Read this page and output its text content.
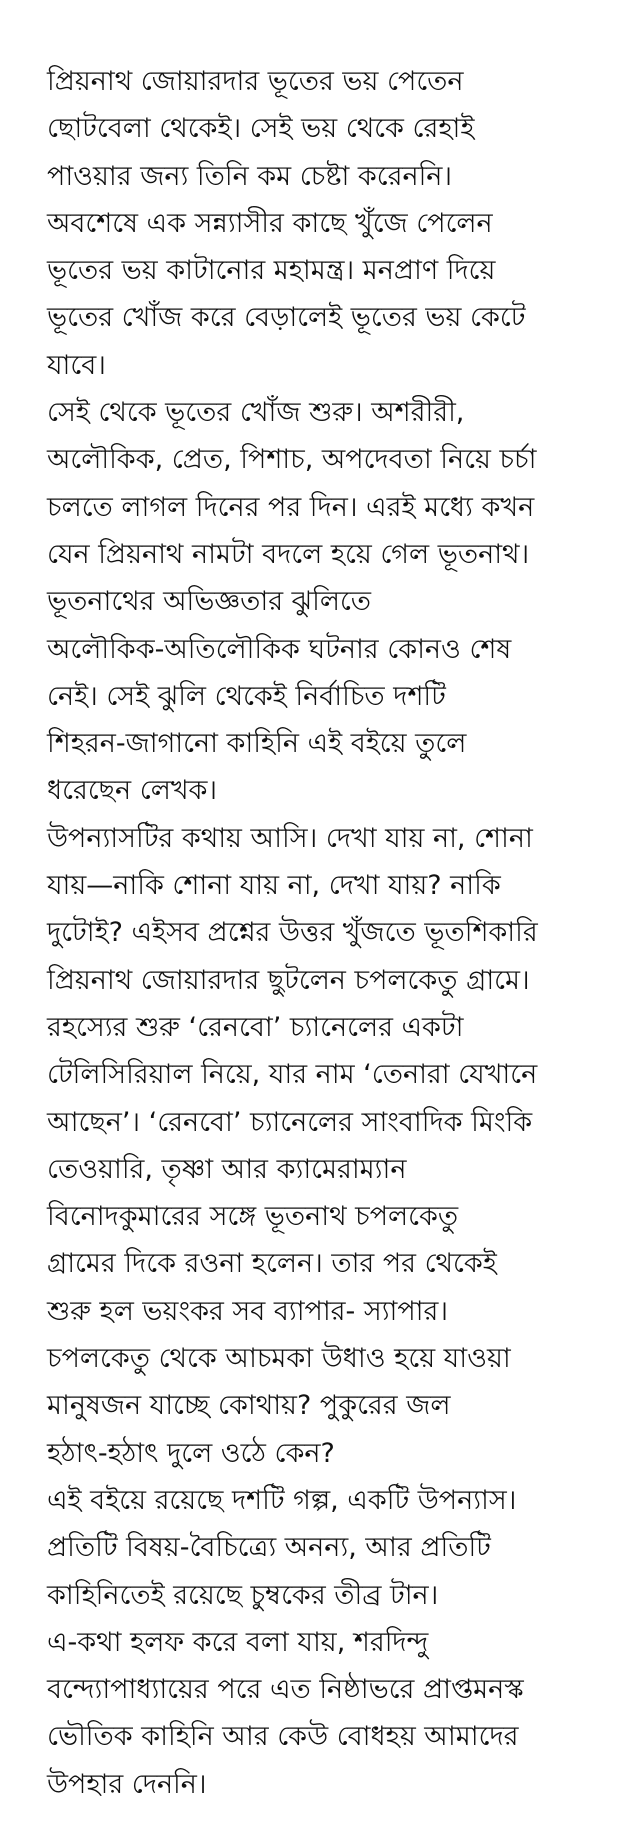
প্রিয়নাথ জোয়ারদার ভূতের ভয় পেতেন
ছোটবেলা থেকেই। সেই ভয় থেকে রেহাই
পাওয়ার জন্য তিনি কম চেষ্টা করেননি।
অবশেষে এক সন্ন্যাসীর কাছে খুঁজে পেলেন
ভূতের ভয় কাটানোর মহামন্ত্র। মনপ্রাণ দিয়ে
ভূতের খোঁজ করে বেড়ালেই ভূতের ভয় কেটে
যাবে।
সেই থেকে ভূতের খোঁজ শুরু। অশরীরী,
অলৌকিক, প্রেত, পিশাচ, অপদেবতা নিয়ে চর্চা
চলতে লাগল দিনের পর দিন। এরই মধ্যে কখন
যেন প্রিয়নাথ নামটা বদলে হয়ে গেল ভূতনাথ।
ভূতনাথের অভিজ্ঞতার ঝুলিতে
অলৌকিক-অতিলৌকিক ঘটনার কোনও শেষ
নেই। সেই ঝুলি থেকেই নির্বাচিত দশটি
শিহরন-জাগানো কাহিনি এই বইয়ে তুলে
ধরেছেন লেখক।
উপন্যাসটির কথায় আসি। দেখা যায় না, শোনা
যায়—নাকি শোনা যায় না, দেখা যায়? নাকি
দুটোই? এইসব প্রশ্নের উত্তর খুঁজতে ভূতশিকারি
প্রিয়নাথ জোয়ারদার ছুটলেন চপলকেতু গ্রামে।
রহস্যের শুরু ‘রেনবো’ চ্যানেলের একটা
টেলিসিরিয়াল নিয়ে, যার নাম ‘তেনারা যেখানে
আছেন’। ‘রেনবো’ চ্যানেলের সাংবাদিক মিংকি
তেওয়ারি, তৃষ্ণা আর ক্যামেরাম্যান
বিনোদকুমারের সঙ্গে ভূতনাথ চপলকেতু
গ্রামের দিকে রওনা হলেন। তার পর থেকেই
শুরু হল ভয়ংকর সব ব্যাপার- স্যাপার।
চপলকেতু থেকে আচমকা উধাও হয়ে যাওয়া
মানুষজন যাচ্ছে কোথায়? পুকুরের জল
হঠাৎ-হঠাৎ দুলে ওঠে কেন?
এই বইয়ে রয়েছে দশটি গল্প, একটি উপন্যাস।
প্রতিটি বিষয়-বৈচিত্র্যে অনন্য, আর প্রতিটি
কাহিনিতেই রয়েছে চুম্বকের তীব্র টান।
এ-কথা হলফ করে বলা যায়, শরদিন্দু
বন্দ্যোপাধ্যায়ের পরে এত নিষ্ঠাভরে প্রাপ্তমনস্ক
ভৌতিক কাহিনি আর কেউ বোধহয় আমাদের
উপহার দেননি।
